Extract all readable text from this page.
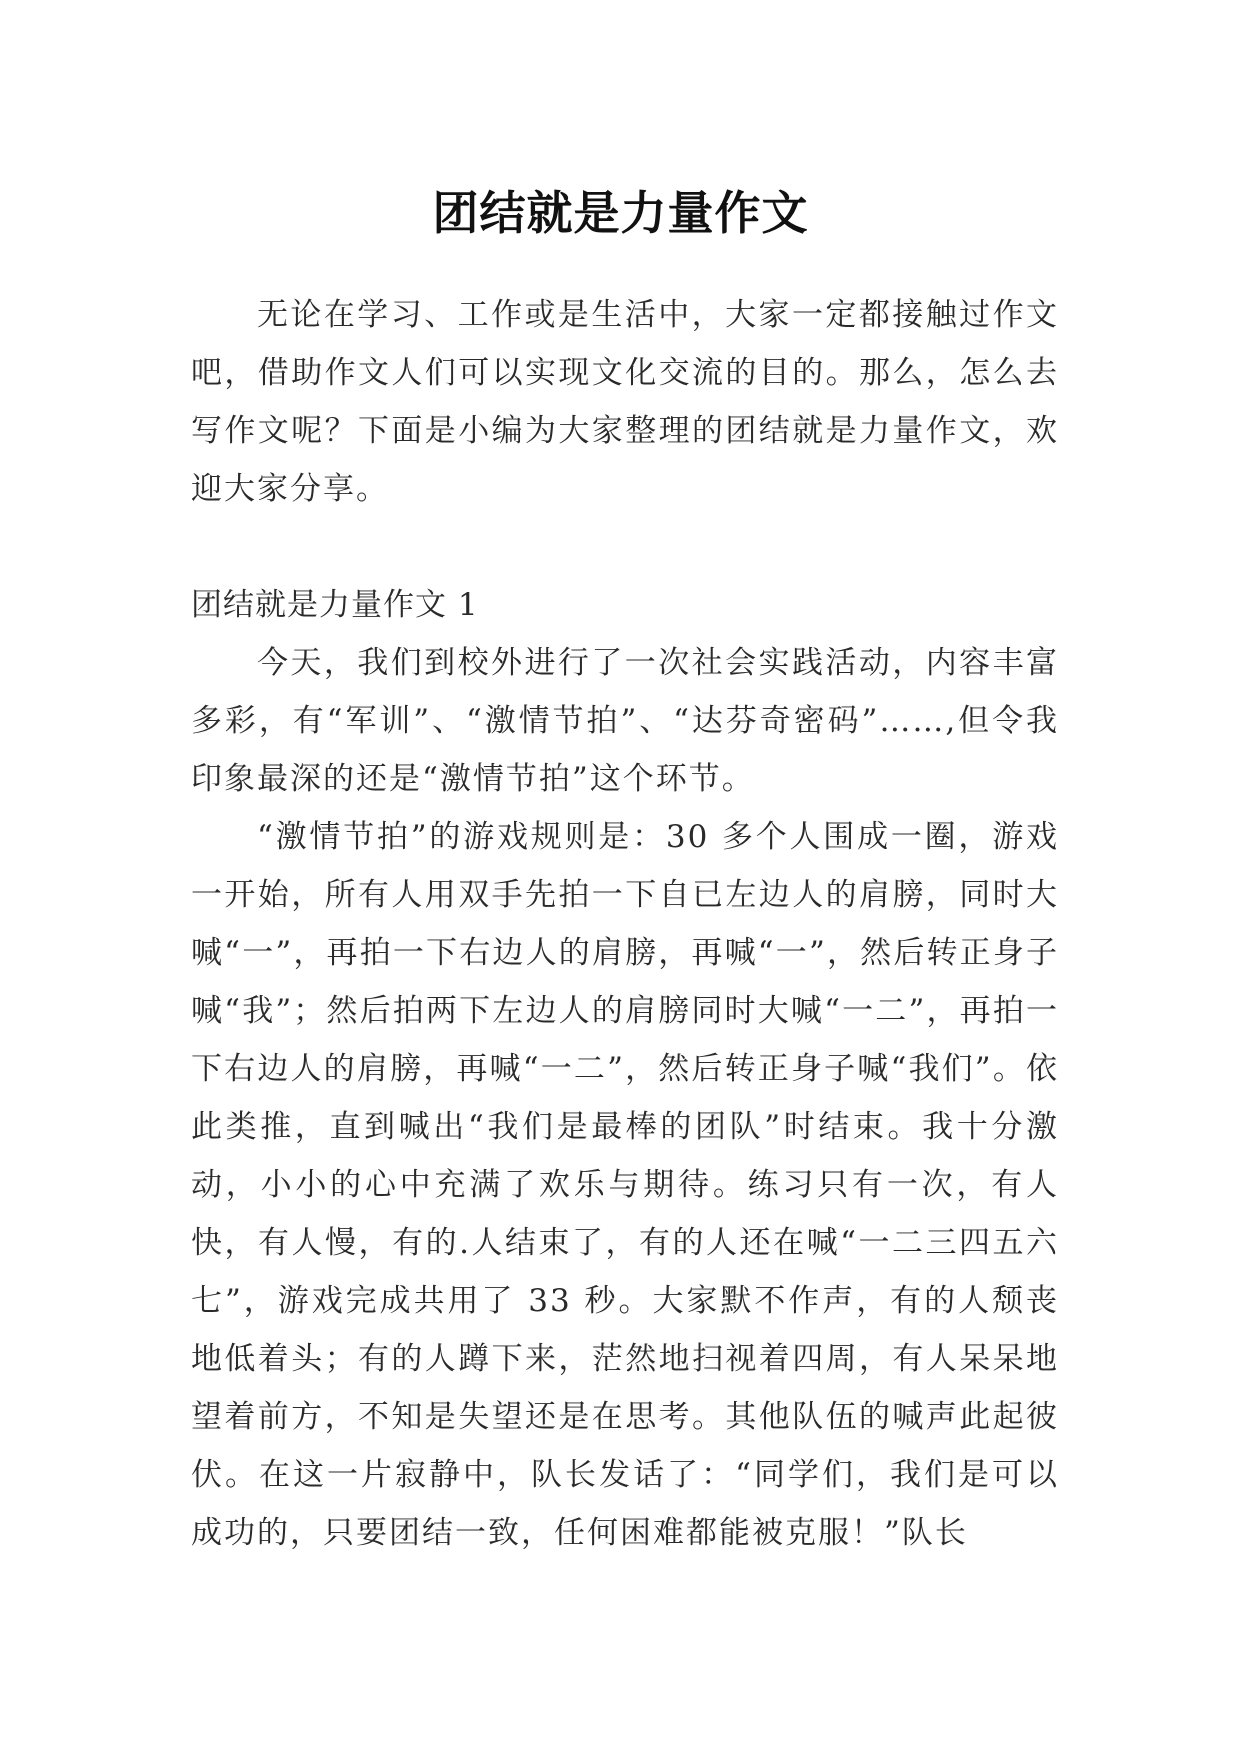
团结就是力量作文

无论在学习、工作或是生活中，大家一定都接触过作文吧，借助作文人们可以实现文化交流的目的。那么，怎么去写作文呢？下面是小编为大家整理的团结就是力量作文，欢迎大家分享。

团结就是力量作文 1

今天，我们到校外进行了一次社会实践活动，内容丰富多彩，有“军训”、“激情节拍”、“达芬奇密码”……,但令我印象最深的还是“激情节拍”这个环节。

“激情节拍”的游戏规则是：30 多个人围成一圈，游戏一开始，所有人用双手先拍一下自已左边人的肩膀，同时大喊“一”，再拍一下右边人的肩膀，再喊“一”，然后转正身子喊“我”；然后拍两下左边人的肩膀同时大喊“一二”，再拍一下右边人的肩膀，再喊“一二”，然后转正身子喊“我们”。依此类推，直到喊出“我们是最棒的团队”时结束。我十分激动，小小的心中充满了欢乐与期待。练习只有一次，有人快，有人慢，有的.人结束了，有的人还在喊“一二三四五六七”，游戏完成共用了 33 秒。大家默不作声，有的人颓丧地低着头；有的人蹲下来，茫然地扫视着四周，有人呆呆地望着前方，不知是失望还是在思考。其他队伍的喊声此起彼伏。在这一片寂静中，队长发话了：“同学们，我们是可以成功的，只要团结一致，任何困难都能被克服！”队长
